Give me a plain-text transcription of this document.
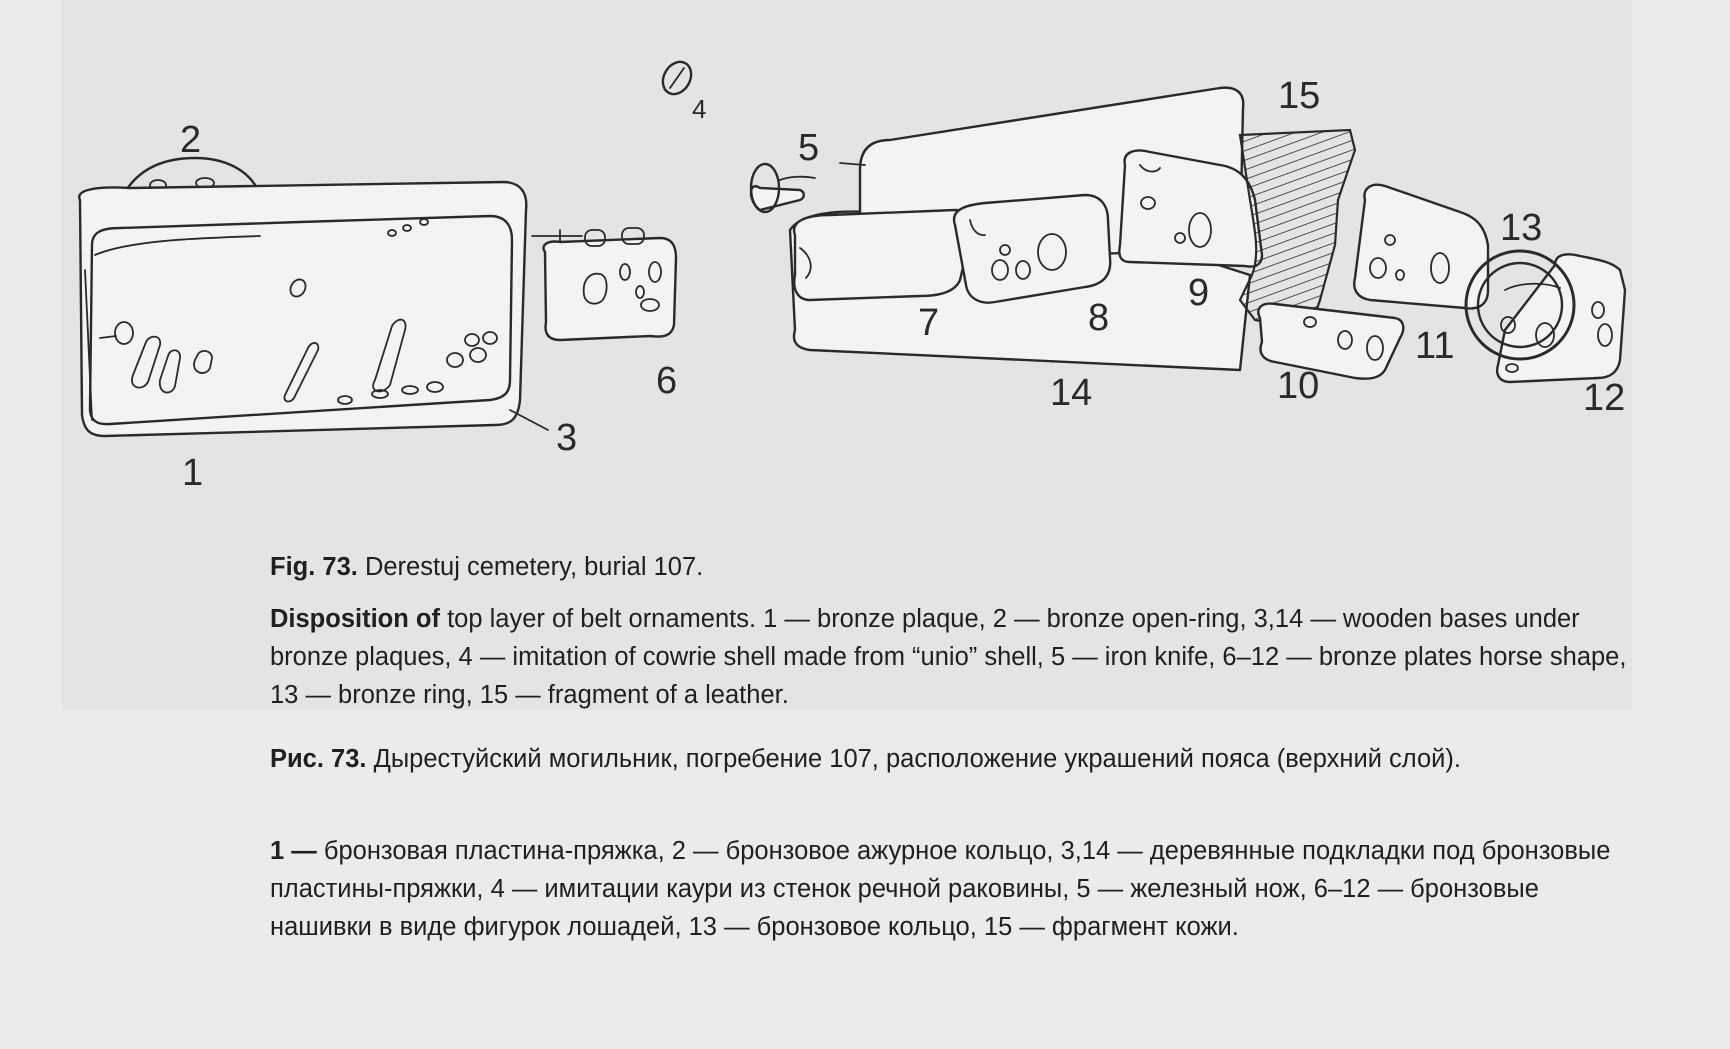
1
2
3
4
5
6
7	8
9
10
11
12
13
14
15
Fig. 73. Derestuj cemetery, burial 107.
Disposition of top layer of belt ornaments. 1 — bronze plaque, 2 — bronze open-ring, 3,14 — wooden bases under bronze plaques, 4 — imitation of cowrie shell made from “unio” shell, 5 — iron knife, 6–12 — bronze plates horse shape, 13 — bronze ring, 15 — fragment of a leather.
Рис. 73. Дырестуйский могильник, погребение 107, расположение украшений пояса (верхний слой).
1 — бронзовая пластина-пряжка, 2 — бронзовое ажурное кольцо, 3,14 — деревянные подкладки под бронзовые пластины-пряжки, 4 — имитации каури из стенок речной раковины, 5 — железный нож, 6–12 — бронзовые нашивки в виде фигурок лошадей, 13 — бронзовое кольцо, 15 — фрагмент кожи.
